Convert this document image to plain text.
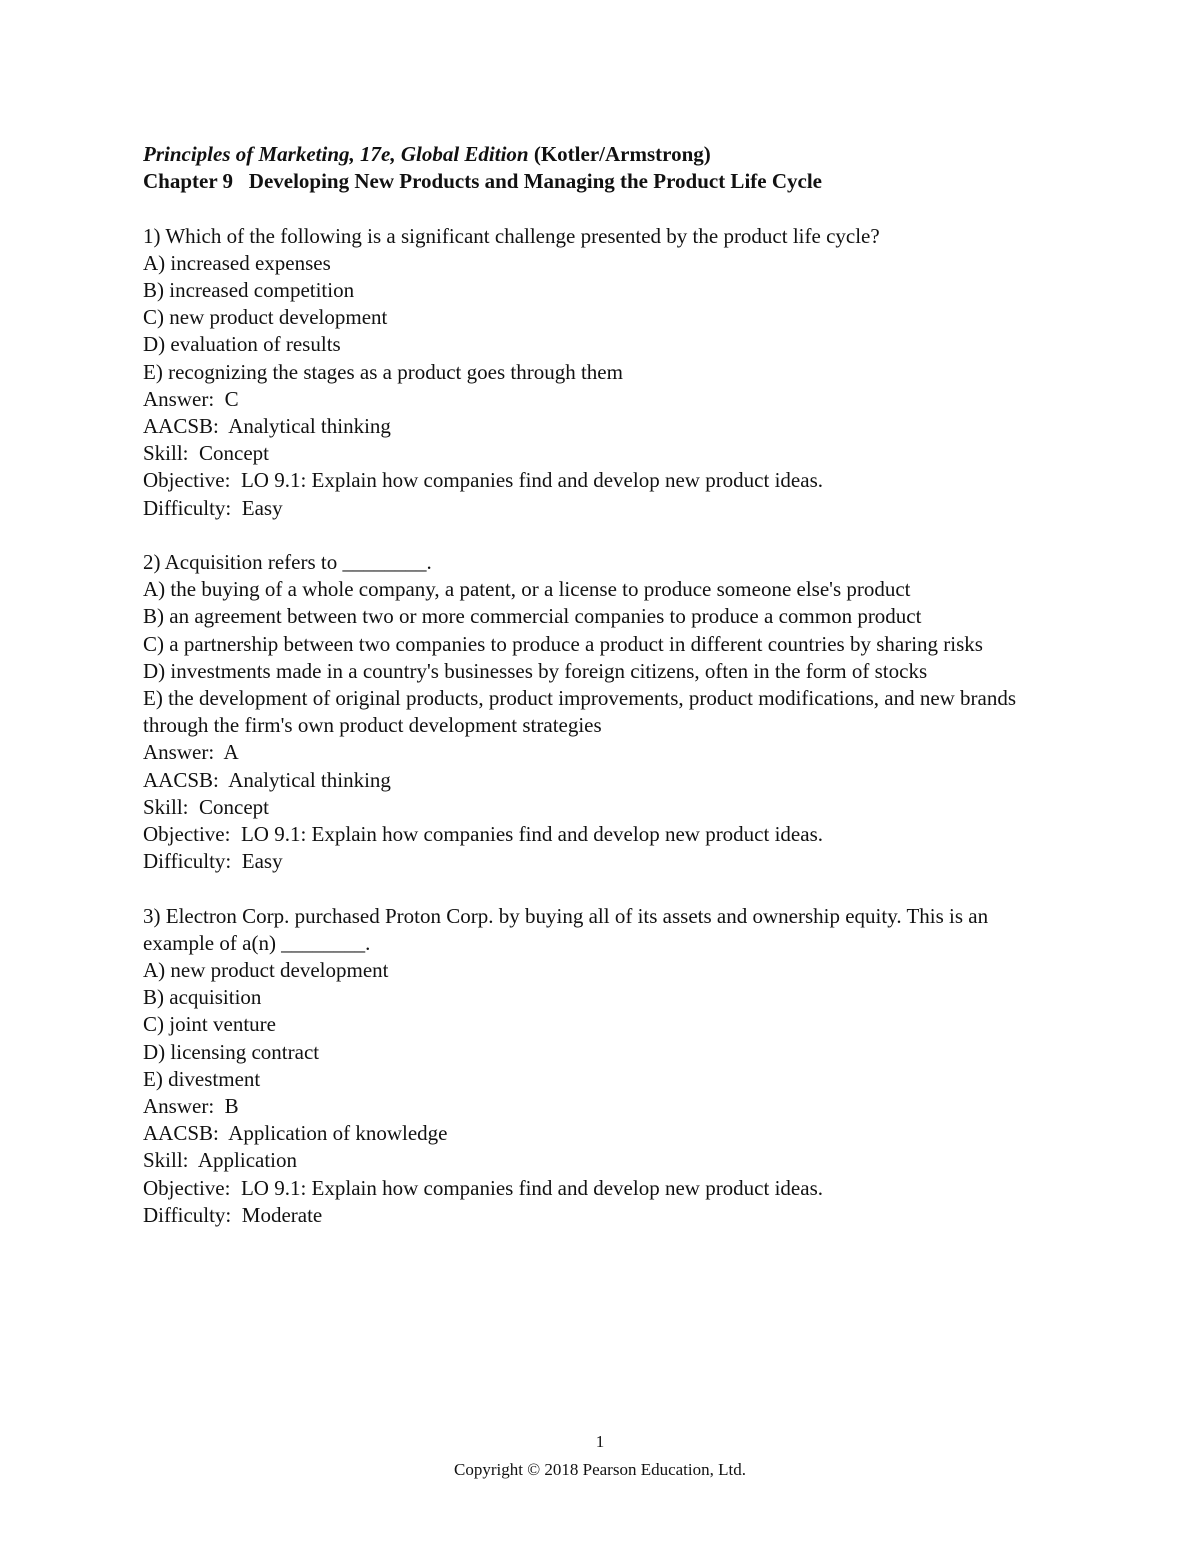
Principles of Marketing, 17e, Global Edition (Kotler/Armstrong)
Chapter 9   Developing New Products and Managing the Product Life Cycle
1) Which of the following is a significant challenge presented by the product life cycle?
A) increased expenses
B) increased competition
C) new product development
D) evaluation of results
E) recognizing the stages as a product goes through them
Answer:  C
AACSB:  Analytical thinking
Skill:  Concept
Objective:  LO 9.1: Explain how companies find and develop new product ideas.
Difficulty:  Easy
2) Acquisition refers to ________.
A) the buying of a whole company, a patent, or a license to produce someone else's product
B) an agreement between two or more commercial companies to produce a common product
C) a partnership between two companies to produce a product in different countries by sharing risks
D) investments made in a country's businesses by foreign citizens, often in the form of stocks
E) the development of original products, product improvements, product modifications, and new brands through the firm's own product development strategies
Answer:  A
AACSB:  Analytical thinking
Skill:  Concept
Objective:  LO 9.1: Explain how companies find and develop new product ideas.
Difficulty:  Easy
3) Electron Corp. purchased Proton Corp. by buying all of its assets and ownership equity. This is an example of a(n) ________.
A) new product development
B) acquisition
C) joint venture
D) licensing contract
E) divestment
Answer:  B
AACSB:  Application of knowledge
Skill:  Application
Objective:  LO 9.1: Explain how companies find and develop new product ideas.
Difficulty:  Moderate
1
Copyright © 2018 Pearson Education, Ltd.
